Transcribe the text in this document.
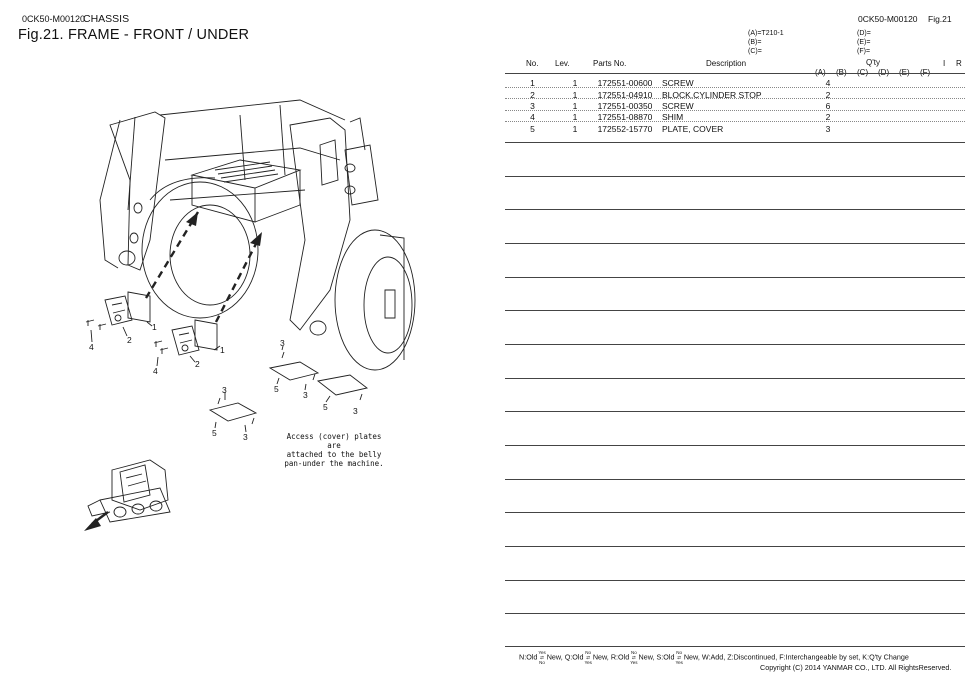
0CK50-M00120
CHASSIS
Fig.21. FRAME - FRONT / UNDER
0CK50-M00120 Fig.21
(A)=T210-1
(B)=
(C)=
(D)=
(E)=
(F)=
No. Lev.	Parts No.	Description	Q'ty	I R
1	1	172551-00600	SCREW	4
2	1	172551-04910	BLOCK,CYLINDER STOP	2
3	1	172551-00350	SCREW	6
4	1	172551-08870	SHIM	2
5	1	172552-15770	PLATE, COVER	3
1
2
4	1
2
4
3
5
3
5	3
3
5	3	Access (cover) plates are
attached to the belly
pan-under the machine.
N:Old Yes
⇄
No
New, Q:Old No
⇄
Yes
New, R:Old No
⇄
Yes
New, S:Old No
⇄
Yes
New, W:Add, Z:Discontinued, F:Interchangeable by set, K:Q'ty Change
Copyright (C) 2014 YANMAR CO., LTD. All RightsReserved.
